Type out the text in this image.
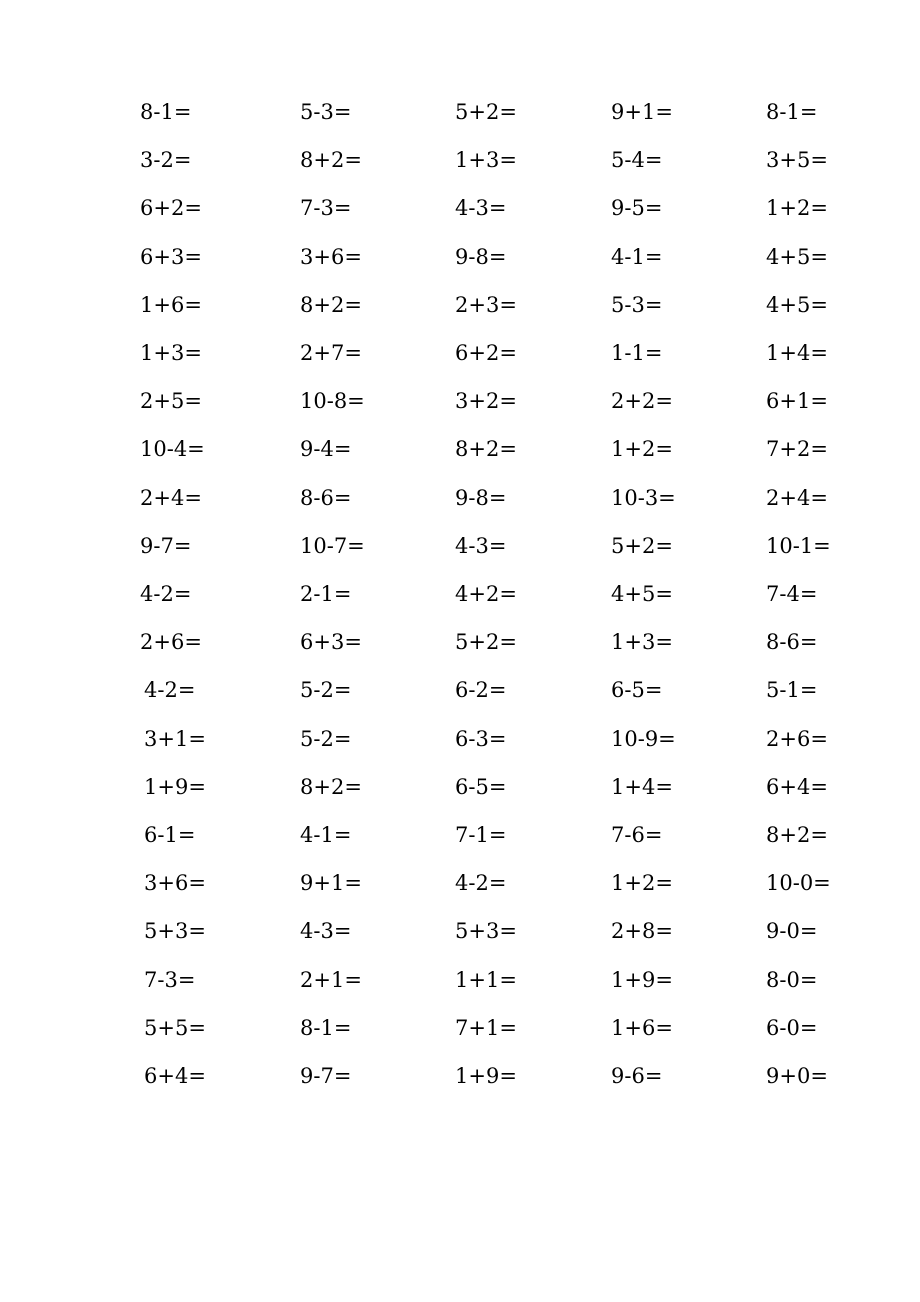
8-1=	5-3=	5+2=	9+1=	8-1=
3-2=	8+2=	1+3=	5-4=	3+5=
6+2=	7-3=	4-3=	9-5=	1+2=
6+3=	3+6=	9-8=	4-1=	4+5=
1+6=	8+2=	2+3=	5-3=	4+5=
1+3=	2+7=	6+2=	1-1=	1+4=
2+5=	10-8=	3+2=	2+2=	6+1=
10-4=	9-4=	8+2=	1+2=	7+2=
2+4=	8-6=	9-8=	10-3=	2+4=
9-7=	10-7=	4-3=	5+2=	10-1=
4-2=	2-1=	4+2=	4+5=	7-4=
2+6=	6+3=	5+2=	1+3=	8-6=
4-2=	5-2=	6-2=	6-5=	5-1=
3+1=	5-2=	6-3=	10-9=	2+6=
1+9=	8+2=	6-5=	1+4=	6+4=
6-1=	4-1=	7-1=	7-6=	8+2=
3+6=	9+1=	4-2=	1+2=	10-0=
5+3=	4-3=	5+3=	2+8=	9-0=
7-3=	2+1=	1+1=	1+9=	8-0=
5+5=	8-1=	7+1=	1+6=	6-0=
6+4=	9-7=	1+9=	9-6=	9+0=
